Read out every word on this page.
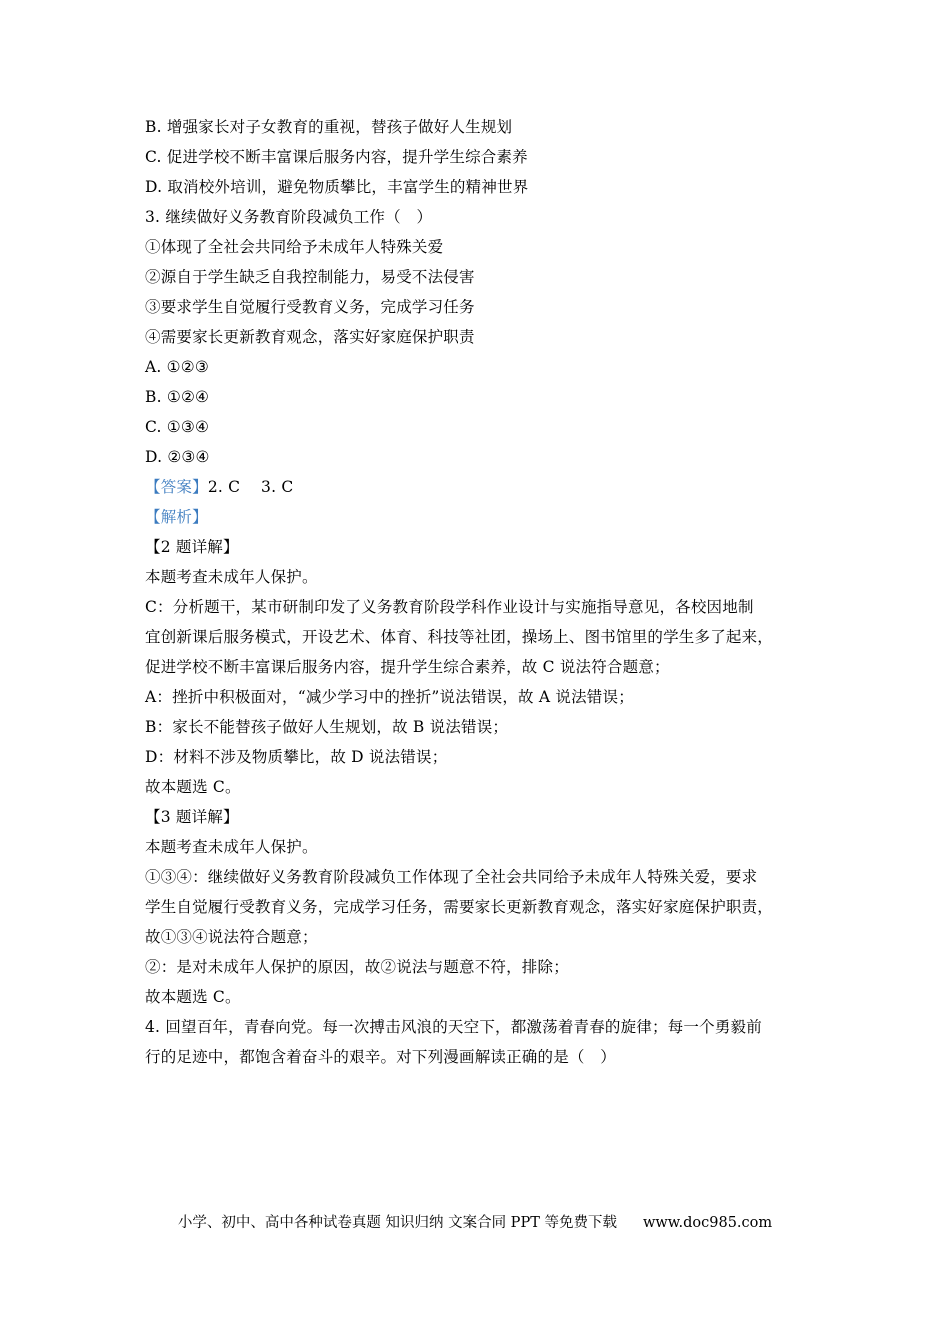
B. 增强家长对子女教育的重视，替孩子做好人生规划
C. 促进学校不断丰富课后服务内容，提升学生综合素养
D. 取消校外培训，避免物质攀比，丰富学生的精神世界
3. 继续做好义务教育阶段减负工作（　）
①体现了全社会共同给予未成年人特殊关爱
②源自于学生缺乏自我控制能力，易受不法侵害
③要求学生自觉履行受教育义务，完成学习任务
④需要家长更新教育观念，落实好家庭保护职责
A. ①②③
B. ①②④
C. ①③④
D. ②③④
【答案】2. C　 3. C
【解析】
【2 题详解】
本题考查未成年人保护。
C：分析题干，某市研制印发了义务教育阶段学科作业设计与实施指导意见，各校因地制
宜创新课后服务模式，开设艺术、体育、科技等社团，操场上、图书馆里的学生多了起来，
促进学校不断丰富课后服务内容，提升学生综合素养，故 C 说法符合题意；
A：挫折中积极面对，“减少学习中的挫折”说法错误，故 A 说法错误；
B：家长不能替孩子做好人生规划，故 B 说法错误；
D：材料不涉及物质攀比，故 D 说法错误；
故本题选 C。
【3 题详解】
本题考查未成年人保护。
①③④：继续做好义务教育阶段减负工作体现了全社会共同给予未成年人特殊关爱，要求
学生自觉履行受教育义务，完成学习任务，需要家长更新教育观念，落实好家庭保护职责，
故①③④说法符合题意；
②：是对未成年人保护的原因，故②说法与题意不符，排除；
故本题选 C。
4. 回望百年，青春向党。每一次搏击风浪的天空下，都激荡着青春的旋律；每一个勇毅前
行的足迹中，都饱含着奋斗的艰辛。对下列漫画解读正确的是（　）
小学、初中、高中各种试卷真题 知识归纳 文案合同 PPT 等免费下载 www.doc985.com
